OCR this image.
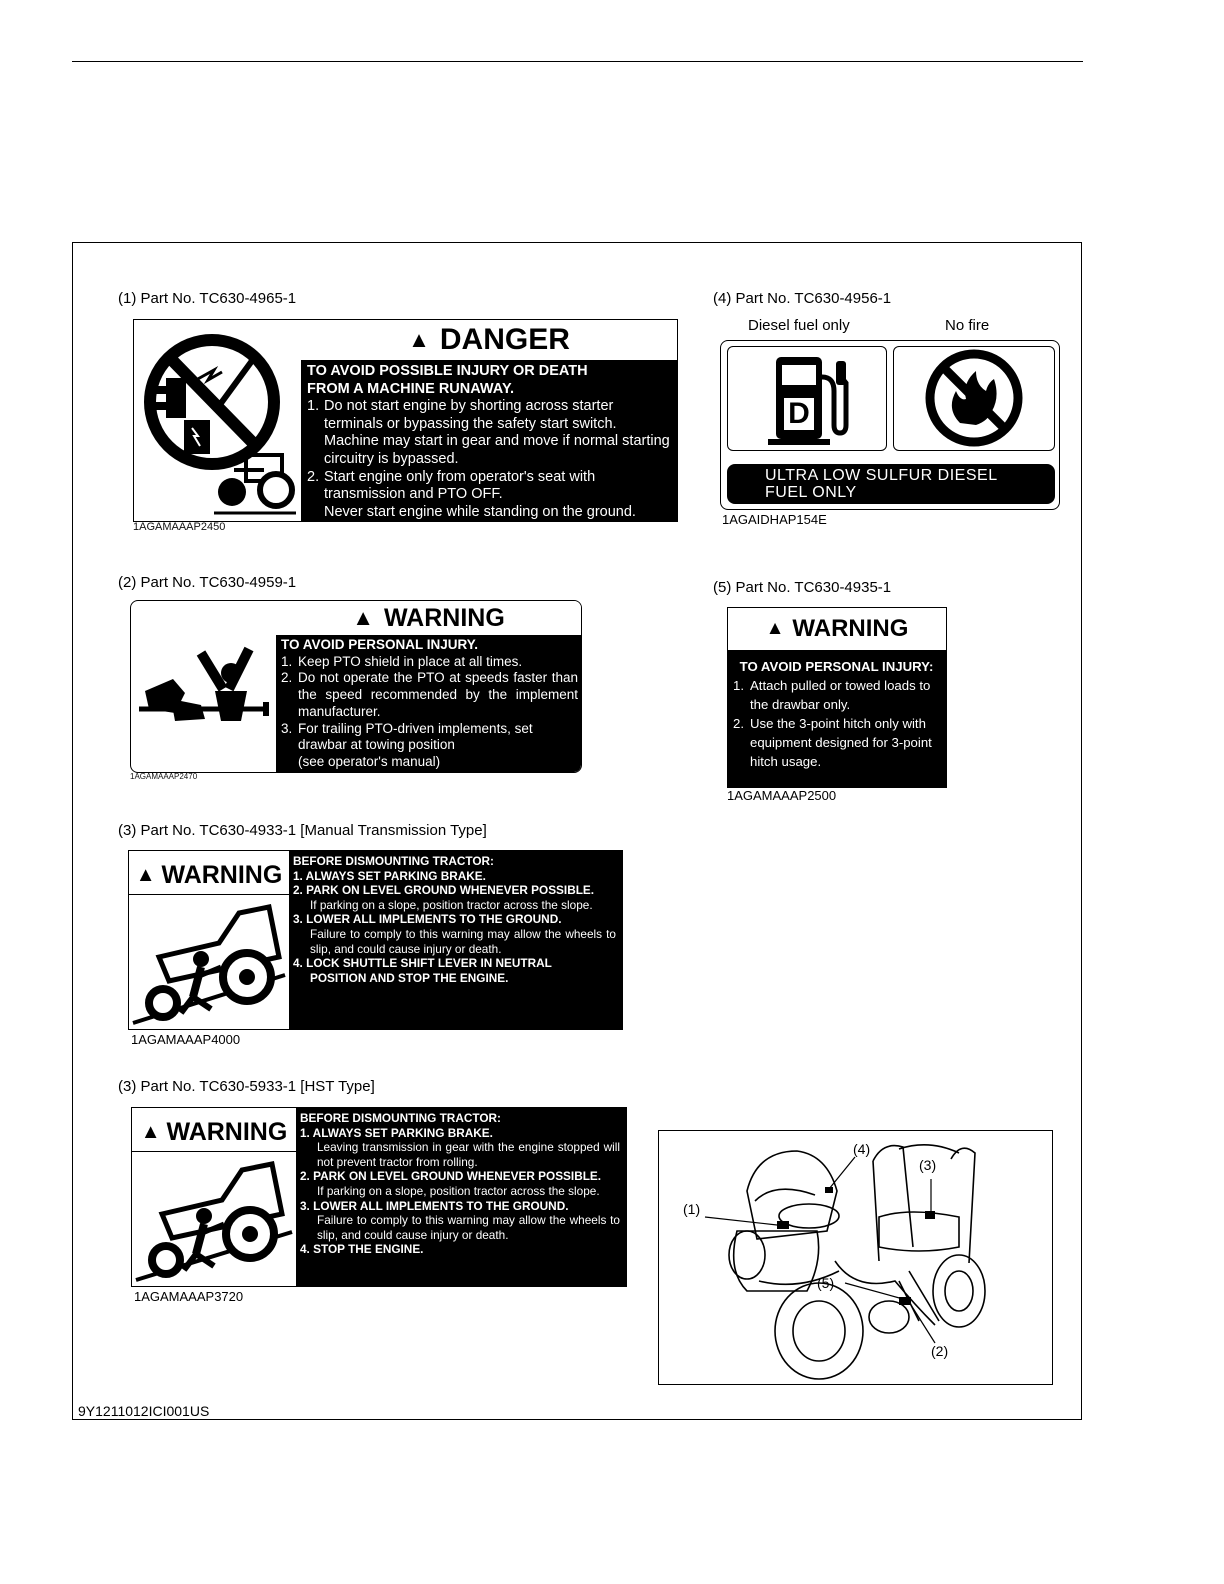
(1) Part No. TC630-4965-1
▲ DANGER
TO AVOID POSSIBLE INJURY OR DEATH
FROM A MACHINE RUNAWAY.
1. Do not start engine by shorting across starter terminals or bypassing the safety start switch. Machine may start in gear and move if normal starting circuitry is bypassed.
2. Start engine only from operator's seat with transmission and PTO OFF.
Never start engine while standing on the ground.
1AGAMAAAP2450
(2) Part No. TC630-4959-1
▲ WARNING
TO AVOID PERSONAL INJURY.
1. Keep PTO shield in place at all times.
2. Do not operate the PTO at speeds faster than the speed recommended by the implement manufacturer.
3. For trailing PTO-driven implements, set drawbar at towing position
(see operator's manual)
1AGAMAAAP2470
(3) Part No. TC630-4933-1 [Manual Transmission Type]
▲ WARNING BEFORE DISMOUNTING TRACTOR:
1. ALWAYS SET PARKING BRAKE.
2. PARK ON LEVEL GROUND WHENEVER POSSIBLE.
If parking on a slope, position tractor across the slope.
3. LOWER ALL IMPLEMENTS TO THE GROUND.
Failure to comply to this warning may allow the wheels to slip, and could cause injury or death.
4. LOCK SHUTTLE SHIFT LEVER IN NEUTRAL
POSITION AND STOP THE ENGINE.
1AGAMAAAP4000
(3) Part No. TC630-5933-1 [HST Type]
▲ WARNING BEFORE DISMOUNTING TRACTOR:
1. ALWAYS SET PARKING BRAKE.
Leaving transmission in gear with the engine stopped will not prevent tractor from rolling.
2. PARK ON LEVEL GROUND WHENEVER POSSIBLE.
If parking on a slope, position tractor across the slope.
3. LOWER ALL IMPLEMENTS TO THE GROUND.
Failure to comply to this warning may allow the wheels to slip, and could cause injury or death.
4. STOP THE ENGINE.
1AGAMAAAP3720
(4) Part No. TC630-4956-1
Diesel fuel only	No fire
D
ULTRA LOW SULFUR DIESEL
FUEL ONLY
1AGAIDHAP154E
(5) Part No. TC630-4935-1
▲ WARNING
TO AVOID PERSONAL INJURY:
1. Attach pulled or towed loads to the drawbar only.
2. Use the 3-point hitch only with equipment designed for 3-point hitch usage.
1AGAMAAAP2500
(1)
(2)
(3)
(4)
(5)
9Y1211012ICI001US
